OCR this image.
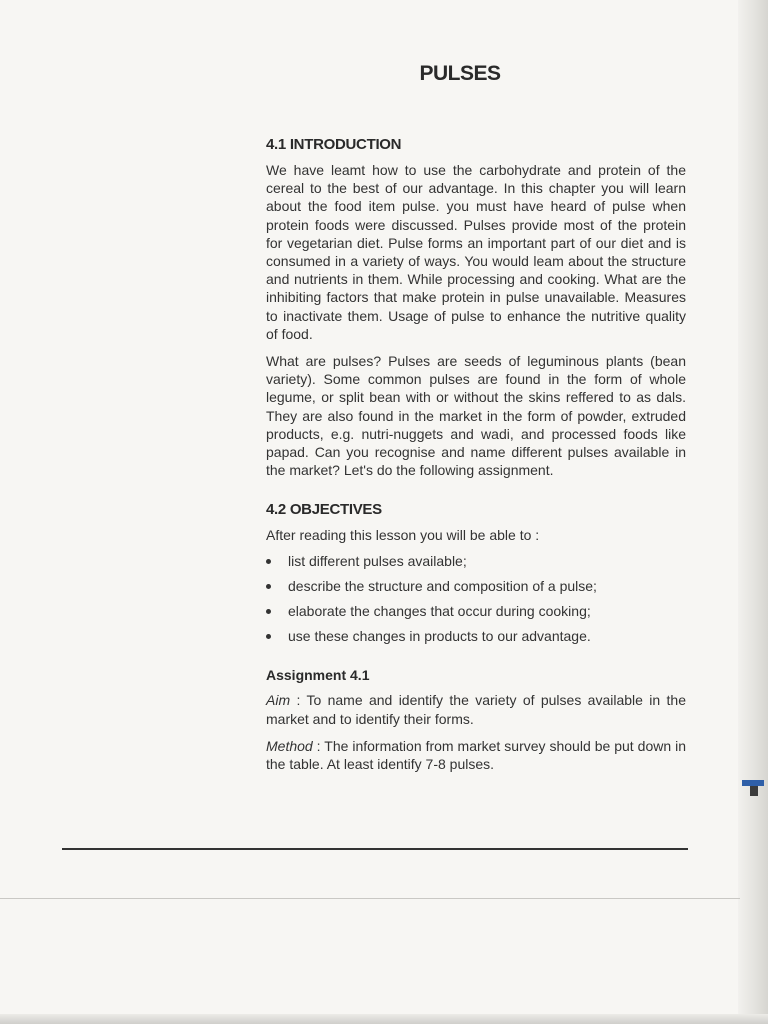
PULSES
4.1 INTRODUCTION

We have leamt how to use the carbohydrate and protein of the cereal to the best of our advantage. In this chapter you will learn about the food item pulse. you must have heard of pulse when protein foods were discussed. Pulses provide most of the protein for vegetarian diet. Pulse forms an important part of our diet and is consumed in a variety of ways. You would leam about the structure and nutrients in them. While processing and cooking. What are the inhibiting factors that make protein in pulse unavailable. Measures to inactivate them. Usage of pulse to enhance the nutritive quality of food.

What are pulses? Pulses are seeds of leguminous plants (bean variety). Some common pulses are found in the form of whole legume, or split bean with or without the skins reffered to as dals. They are also found in the market in the form of powder, extruded products, e.g. nutri-nuggets and wadi, and processed foods like papad. Can you recognise and name different pulses available in the market? Let's do the following assignment.

4.2 OBJECTIVES
After reading this lesson you will be able to :
list different pulses available;
describe the structure and composition of a pulse;
elaborate the changes that occur during cooking;
use these changes in products to our advantage.
Assignment 4.1

Aim : To name and identify the variety of pulses available in the market and to identify their forms.

Method : The information from market survey should be put down in the table. At least identify 7-8 pulses.
